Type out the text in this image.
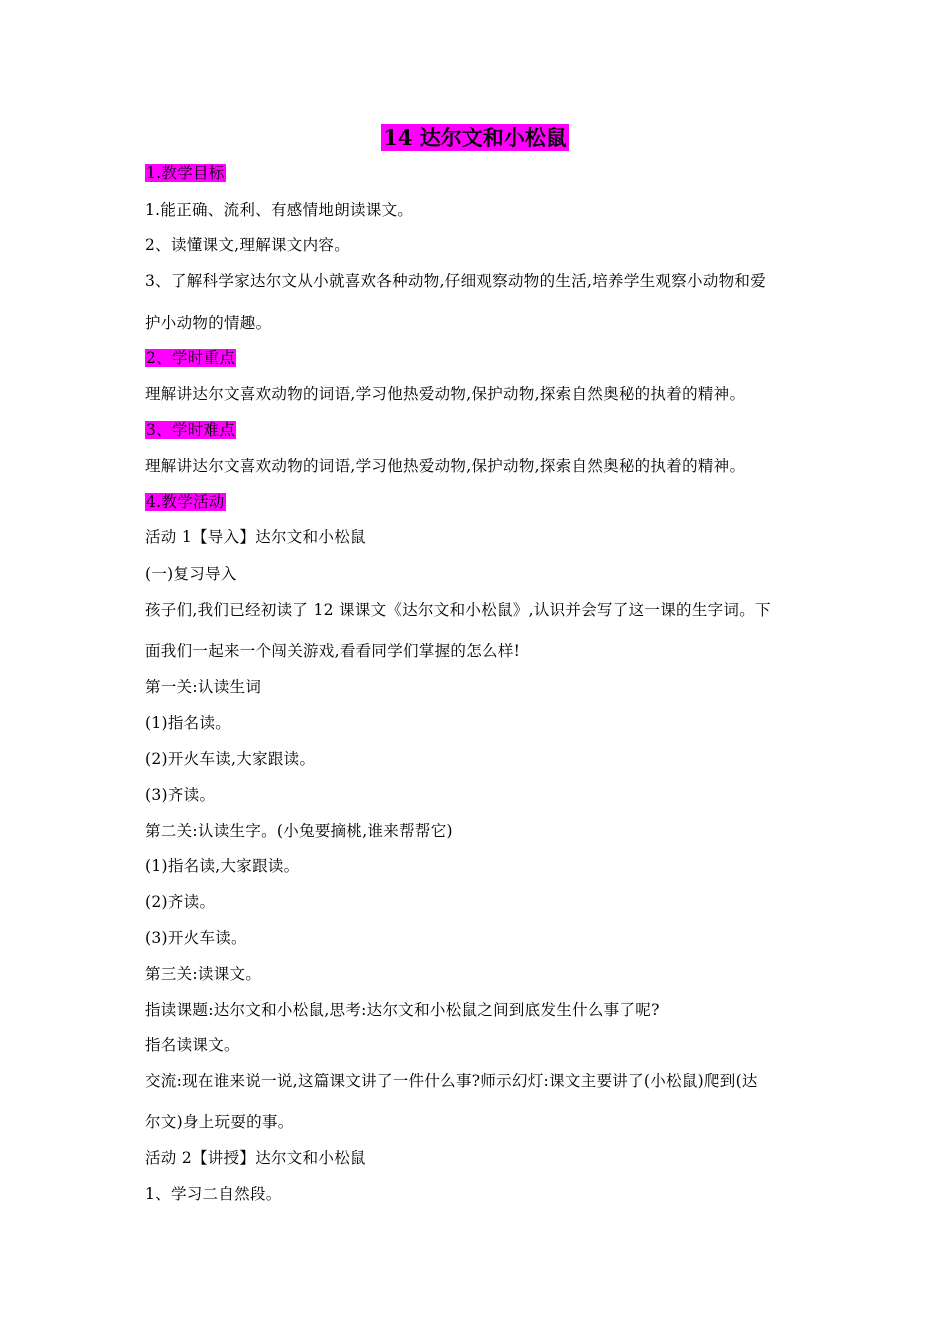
14 达尔文和小松鼠
1.教学目标
1.能正确、流利、有感情地朗读课文。
2、读懂课文,理解课文内容。
3、了解科学家达尔文从小就喜欢各种动物,仔细观察动物的生活,培养学生观察小动物和爱
护小动物的情趣。
2、学时重点
理解讲达尔文喜欢动物的词语,学习他热爱动物,保护动物,探索自然奥秘的执着的精神。
3、学时难点
理解讲达尔文喜欢动物的词语,学习他热爱动物,保护动物,探索自然奥秘的执着的精神。
4.教学活动
活动 1【导入】达尔文和小松鼠
(一)复习导入
孩子们,我们已经初读了 12 课课文《达尔文和小松鼠》,认识并会写了这一课的生字词。下
面我们一起来一个闯关游戏,看看同学们掌握的怎么样!
第一关:认读生词
(1)指名读。
(2)开火车读,大家跟读。
(3)齐读。
第二关:认读生字。(小兔要摘桃,谁来帮帮它)
(1)指名读,大家跟读。
(2)齐读。
(3)开火车读。
第三关:读课文。
指读课题:达尔文和小松鼠,思考:达尔文和小松鼠之间到底发生什么事了呢?
指名读课文。
交流:现在谁来说一说,这篇课文讲了一件什么事?师示幻灯:课文主要讲了(小松鼠)爬到(达
尔文)身上玩耍的事。
活动 2【讲授】达尔文和小松鼠
1、学习二自然段。
